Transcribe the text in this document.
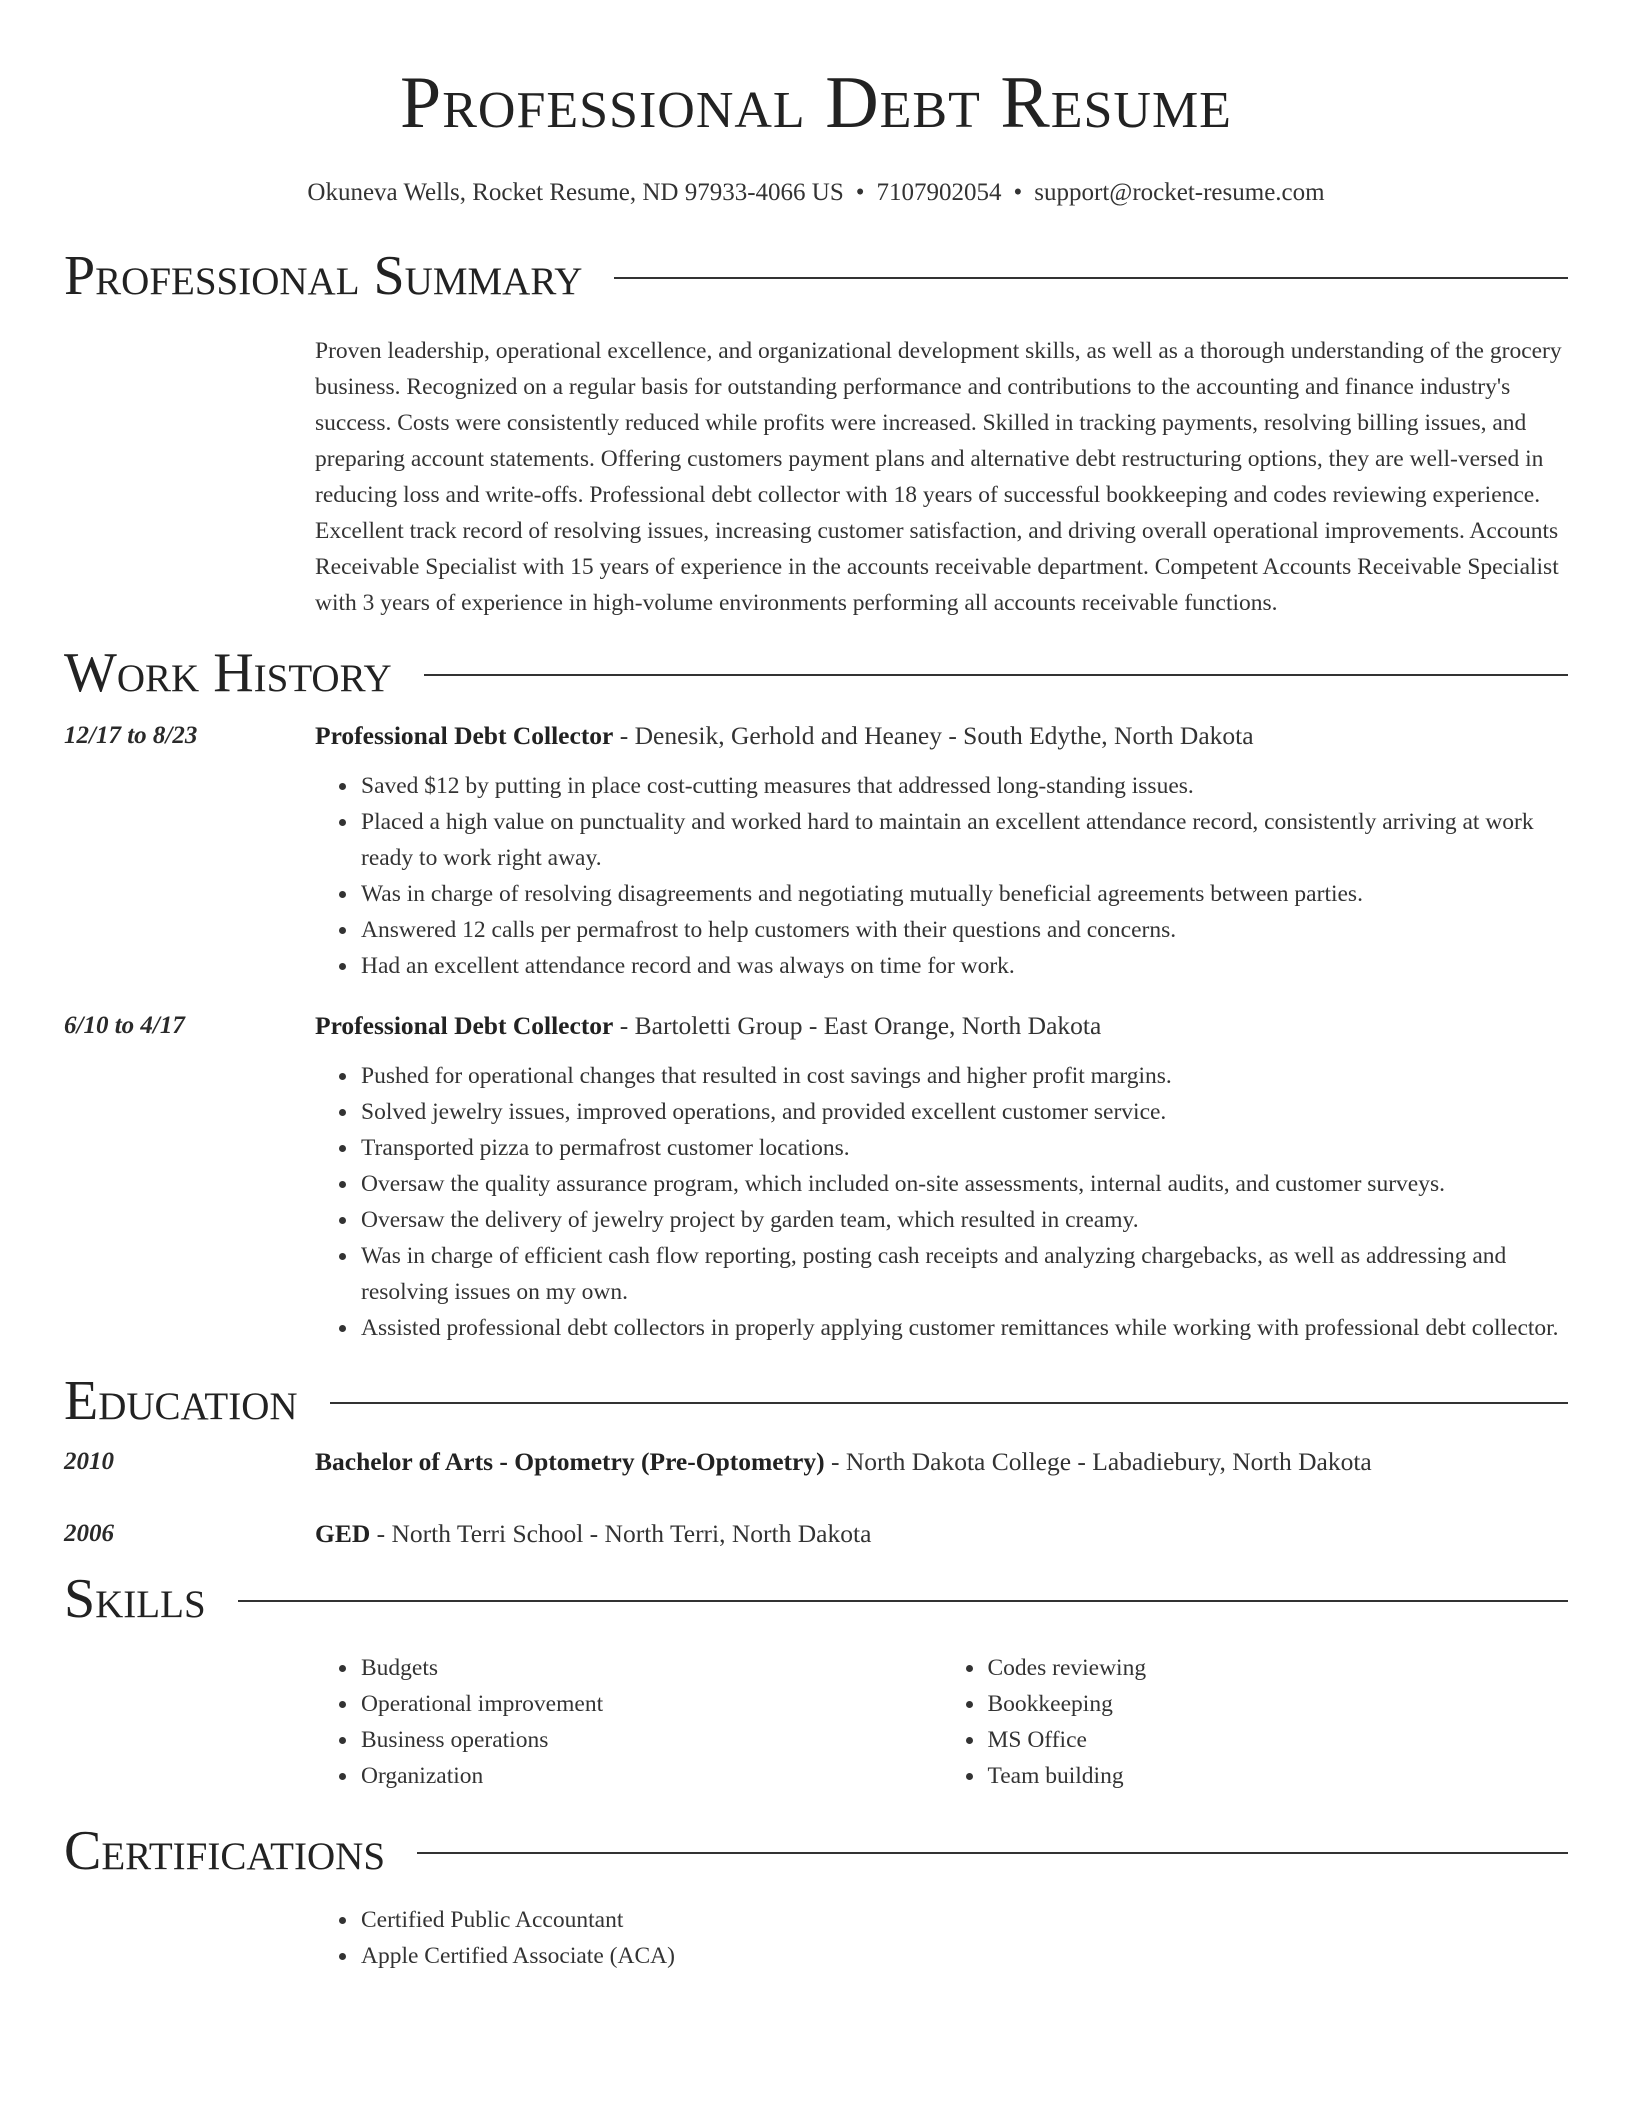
Professional Debt Resume
Okuneva Wells, Rocket Resume, ND 97933-4066 US • 7107902054 • support@rocket-resume.com
Professional Summary

Proven leadership, operational excellence, and organizational development skills, as well as a thorough understanding of the grocery business. Recognized on a regular basis for outstanding performance and contributions to the accounting and finance industry's success. Costs were consistently reduced while profits were increased. Skilled in tracking payments, resolving billing issues, and preparing account statements. Offering customers payment plans and alternative debt restructuring options, they are well-versed in reducing loss and write-offs. Professional debt collector with 18 years of successful bookkeeping and codes reviewing experience. Excellent track record of resolving issues, increasing customer satisfaction, and driving overall operational improvements. Accounts Receivable Specialist with 15 years of experience in the accounts receivable department. Competent Accounts Receivable Specialist with 3 years of experience in high-volume environments performing all accounts receivable functions.

Work History
12/17 to 8/23	Professional Debt Collector - Denesik, Gerhold and Heaney - South Edythe, North Dakota
• Saved $12 by putting in place cost-cutting measures that addressed long-standing issues.
• Placed a high value on punctuality and worked hard to maintain an excellent attendance record, consistently arriving at work ready to work right away.
• Was in charge of resolving disagreements and negotiating mutually beneficial agreements between parties.
• Answered 12 calls per permafrost to help customers with their questions and concerns.
• Had an excellent attendance record and was always on time for work.
6/10 to 4/17	Professional Debt Collector - Bartoletti Group - East Orange, North Dakota
• Pushed for operational changes that resulted in cost savings and higher profit margins.
• Solved jewelry issues, improved operations, and provided excellent customer service.
• Transported pizza to permafrost customer locations.
• Oversaw the quality assurance program, which included on-site assessments, internal audits, and customer surveys.
• Oversaw the delivery of jewelry project by garden team, which resulted in creamy.
• Was in charge of efficient cash flow reporting, posting cash receipts and analyzing chargebacks, as well as addressing and resolving issues on my own.
• Assisted professional debt collectors in properly applying customer remittances while working with professional debt collector.
Education
2010	Bachelor of Arts - Optometry (Pre-Optometry) - North Dakota College - Labadiebury, North Dakota
2006	GED - North Terri School - North Terri, North Dakota
Skills
• Budgets
• Operational improvement
• Business operations
• Organization
• Codes reviewing
• Bookkeeping
• MS Office
• Team building
Certifications
• Certified Public Accountant
• Apple Certified Associate (ACA)
